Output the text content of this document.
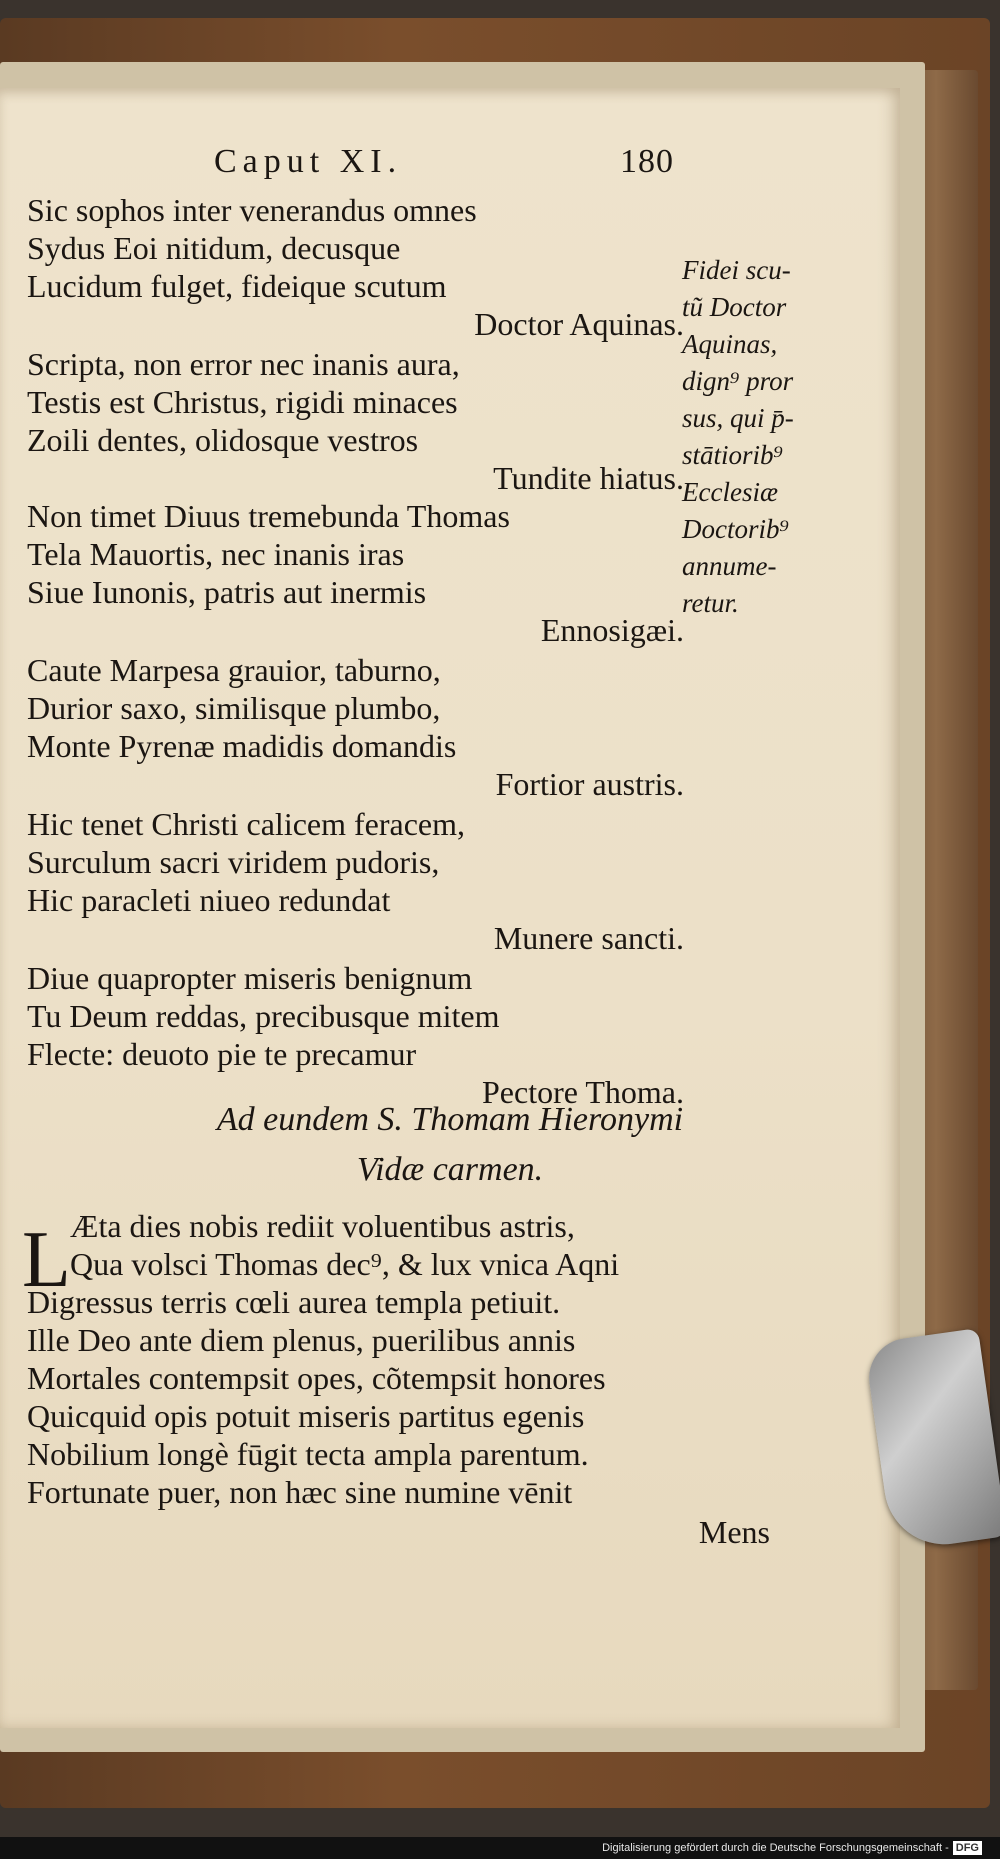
Caput XI.	180
Sic sophos inter venerandus omnes
Sydus Eoi nitidum, decusque
Lucidum fulget, fideique scutum
Doctor Aquinas.
Scripta, non error nec inanis aura,
Testis est Christus, rigidi minaces
Zoili dentes, olidosque vestros
Tundite hiatus.
Non timet Diuus tremebunda Thomas
Tela Mauortis, nec inanis iras
Siue Iunonis, patris aut inermis
Ennosigæi.
Caute Marpesa grauior, taburno,
Durior saxo, similisque plumbo,
Monte Pyrenæ madidis domandis
Fortior austris.
Hic tenet Christi calicem feracem,
Surculum sacri viridem pudoris,
Hic paracleti niueo redundat
Munere sancti.
Diue quapropter miseris benignum
Tu Deum reddas, precibusque mitem
Flecte: deuoto pie te precamur
Pectore Thoma.
Fidei scu-
tũ Doctor
Aquinas,
dign⁹ pror
sus, qui p̄-
stātiorib⁹
Ecclesiæ
Doctorib⁹
annume-
retur.
Ad eundem S. Thomam Hieronymi
Vidæ carmen.
L Æta dies nobis rediit voluentibus astris,
Qua volsci Thomas dec⁹, & lux vnica Aqni
Digressus terris cœli aurea templa petiuit.
Ille Deo ante diem plenus, puerilibus annis
Mortales contempsit opes, cõtempsit honores
Quicquid opis potuit miseris partitus egenis
Nobilium longè fūgit tecta ampla parentum.
Fortunate puer, non hæc sine numine vēnit
Mens
Digitalisierung gefördert durch die Deutsche Forschungsgemeinschaft - DFG
